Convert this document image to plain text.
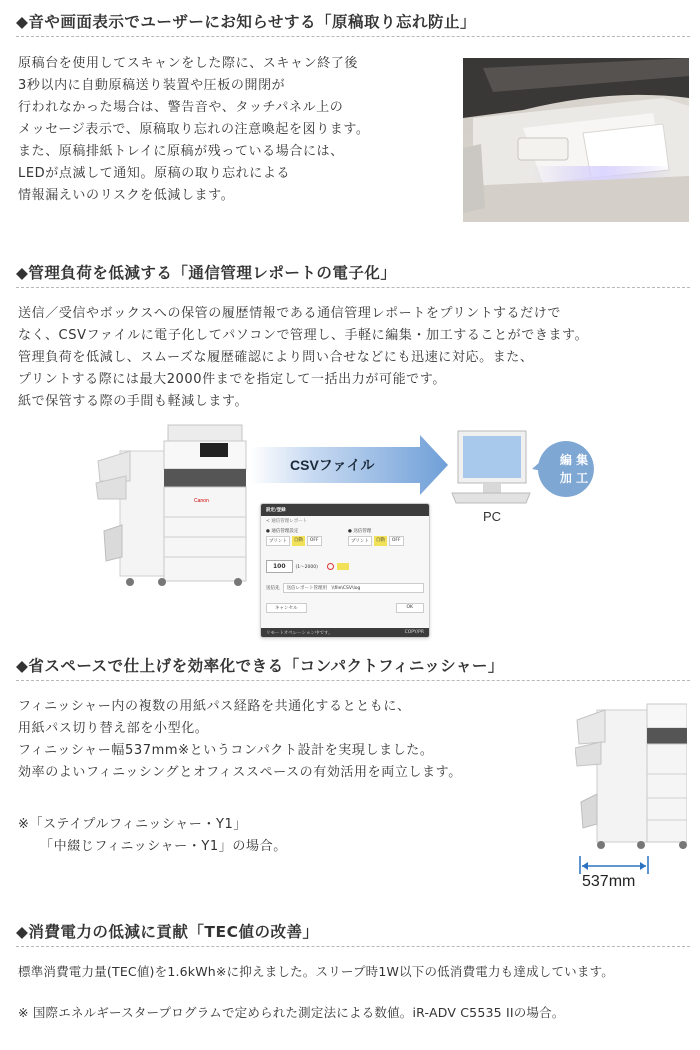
◆音や画面表示でユーザーにお知らせする「原稿取り忘れ防止」
原稿台を使用してスキャンをした際に、スキャン終了後
3秒以内に自動原稿送り装置や圧板の開閉が
行われなかった場合は、警告音や、タッチパネル上の
メッセージ表示で、原稿取り忘れの注意喚起を図ります。
また、原稿排紙トレイに原稿が残っている場合には、
LEDが点滅して通知。原稿の取り忘れによる
情報漏えいのリスクを低減します。
◆管理負荷を低減する「通信管理レポートの電子化」
送信／受信やボックスへの保管の履歴情報である通信管理レポートをプリントするだけで
なく、CSVファイルに電子化してパソコンで管理し、手軽に編集・加工することができます。
管理負荷を低減し、スムーズな履歴確認により問い合せなどにも迅速に対応。また、
プリントする際には最大2000件までを指定して一括出力が可能です。
紙で保管する際の手間も軽減します。
Canon
CSVファイル
PC
編 集
加 工
設定/登録
< 通信管理レポート
● 通信管理設定
プリント	自動	OFF
● 送信管理
プリント	自動	OFF
100	(1～2000)
送信先	送信レポート管理用　\\file\CSV\log
キャンセル	OK
リモートオペレーション中です。	COPY/PR
◆省スペースで仕上げを効率化できる「コンパクトフィニッシャー」
フィニッシャー内の複数の用紙パス経路を共通化するとともに、
用紙パス切り替え部を小型化。
フィニッシャー幅537mm※というコンパクト設計を実現しました。
効率のよいフィニッシングとオフィススペースの有効活用を両立します。
※「ステイプルフィニッシャー・Y1」
「中綴じフィニッシャー・Y1」の場合。
537mm
◆消費電力の低減に貢献「TEC値の改善」
標準消費電力量(TEC値)を1.6kWh※に抑えました。スリープ時1W以下の低消費電力も達成しています。
※ 国際エネルギースタープログラムで定められた測定法による数値。iR-ADV C5535 IIの場合。
